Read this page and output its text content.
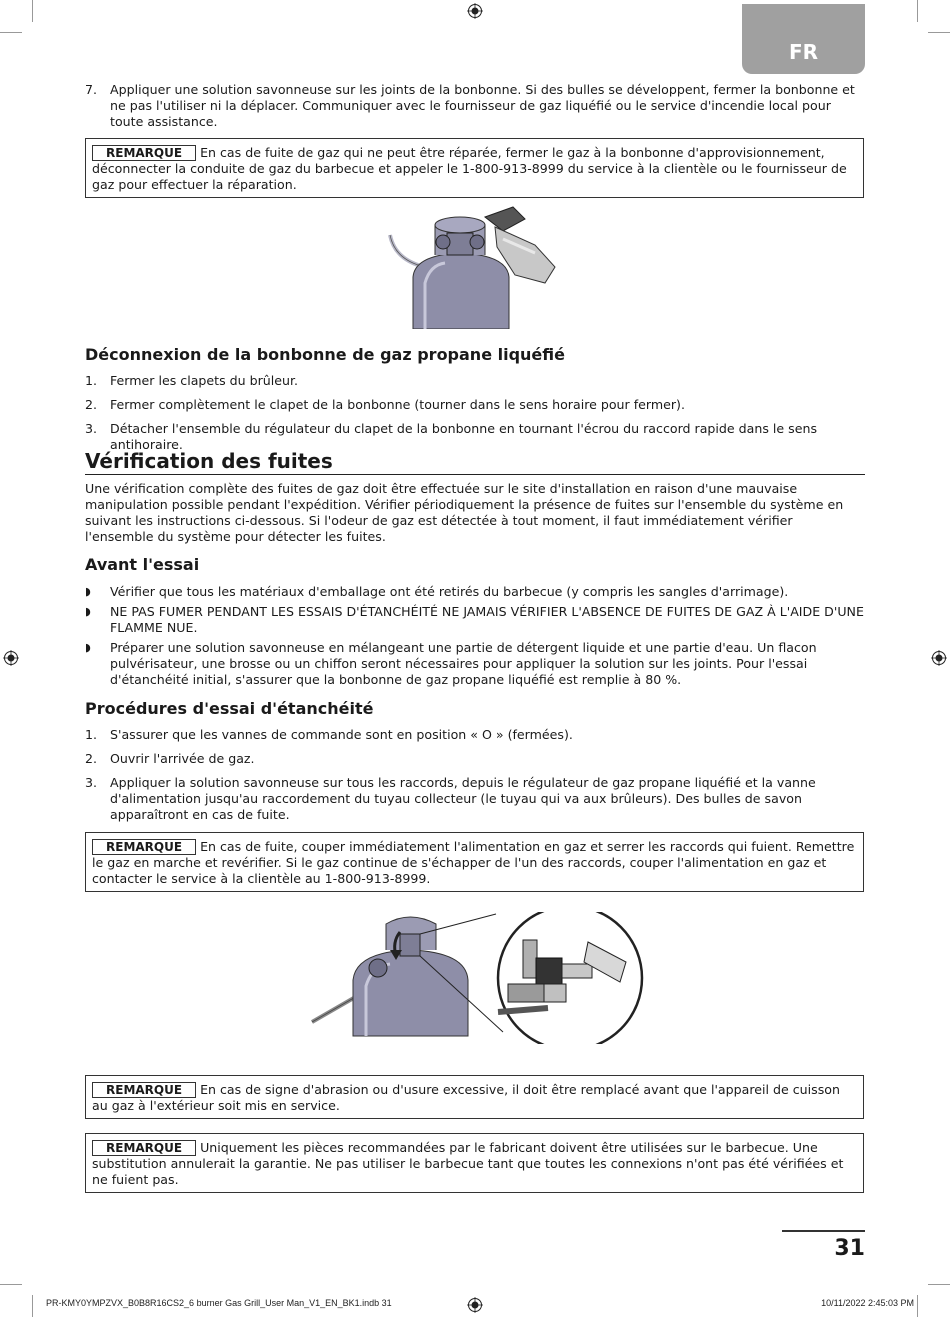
FR
7. Appliquer une solution savonneuse sur les joints de la bonbonne. Si des bulles se développent, fermer la bonbonne et ne pas l'utiliser ni la déplacer. Communiquer avec le fournisseur de gaz liquéfié ou le service d'incendie local pour toute assistance.
REMARQUE En cas de fuite de gaz qui ne peut être réparée, fermer le gaz à la bonbonne d'approvisionnement, déconnecter la conduite de gaz du barbecue et appeler le 1-800-913-8999 du service à la clientèle ou le fournisseur de gaz pour effectuer la réparation.
Déconnexion de la bonbonne de gaz propane liquéfié
1. Fermer les clapets du brûleur.
2. Fermer complètement le clapet de la bonbonne (tourner dans le sens horaire pour fermer).
3. Détacher l'ensemble du régulateur du clapet de la bonbonne en tournant l'écrou du raccord rapide dans le sens antihoraire.
Vérification des fuites

Une vérification complète des fuites de gaz doit être effectuée sur le site d'installation en raison d'une mauvaise manipulation possible pendant l'expédition. Vérifier périodiquement la présence de fuites sur l'ensemble du système en suivant les instructions ci-dessous. Si l'odeur de gaz est détectée à tout moment, il faut immédiatement vérifier l'ensemble du système pour détecter les fuites.

Avant l'essai
◗ Vérifier que tous les matériaux d'emballage ont été retirés du barbecue (y compris les sangles d'arrimage).
◗ NE PAS FUMER PENDANT LES ESSAIS D'ÉTANCHÉITÉ NE JAMAIS VÉRIFIER L'ABSENCE DE FUITES DE GAZ À L'AIDE D'UNE FLAMME NUE.
◗ Préparer une solution savonneuse en mélangeant une partie de détergent liquide et une partie d'eau. Un flacon pulvérisateur, une brosse ou un chiffon seront nécessaires pour appliquer la solution sur les joints. Pour l'essai d'étanchéité initial, s'assurer que la bonbonne de gaz propane liquéfié est remplie à 80 %.
Procédures d'essai d'étanchéité
1. S'assurer que les vannes de commande sont en position « O » (fermées).
2. Ouvrir l'arrivée de gaz.
3. Appliquer la solution savonneuse sur tous les raccords, depuis le régulateur de gaz propane liquéfié et la vanne d'alimentation jusqu'au raccordement du tuyau collecteur (le tuyau qui va aux brûleurs). Des bulles de savon apparaîtront en cas de fuite.
REMARQUE En cas de fuite, couper immédiatement l'alimentation en gaz et serrer les raccords qui fuient. Remettre le gaz en marche et revérifier. Si le gaz continue de s'échapper de l'un des raccords, couper l'alimentation en gaz et contacter le service à la clientèle au 1-800-913-8999.
REMARQUE En cas de signe d'abrasion ou d'usure excessive, il doit être remplacé avant que l'appareil de cuisson au gaz à l'extérieur soit mis en service.
REMARQUE Uniquement les pièces recommandées par le fabricant doivent être utilisées sur le barbecue. Une substitution annulerait la garantie. Ne pas utiliser le barbecue tant que toutes les connexions n'ont pas été vérifiées et ne fuient pas.
31
PR-KMY0YMPZVX_B0B8R16CS2_6 burner Gas Grill_User Man_V1_EN_BK1.indb 31	10/11/2022 2:45:03 PM
